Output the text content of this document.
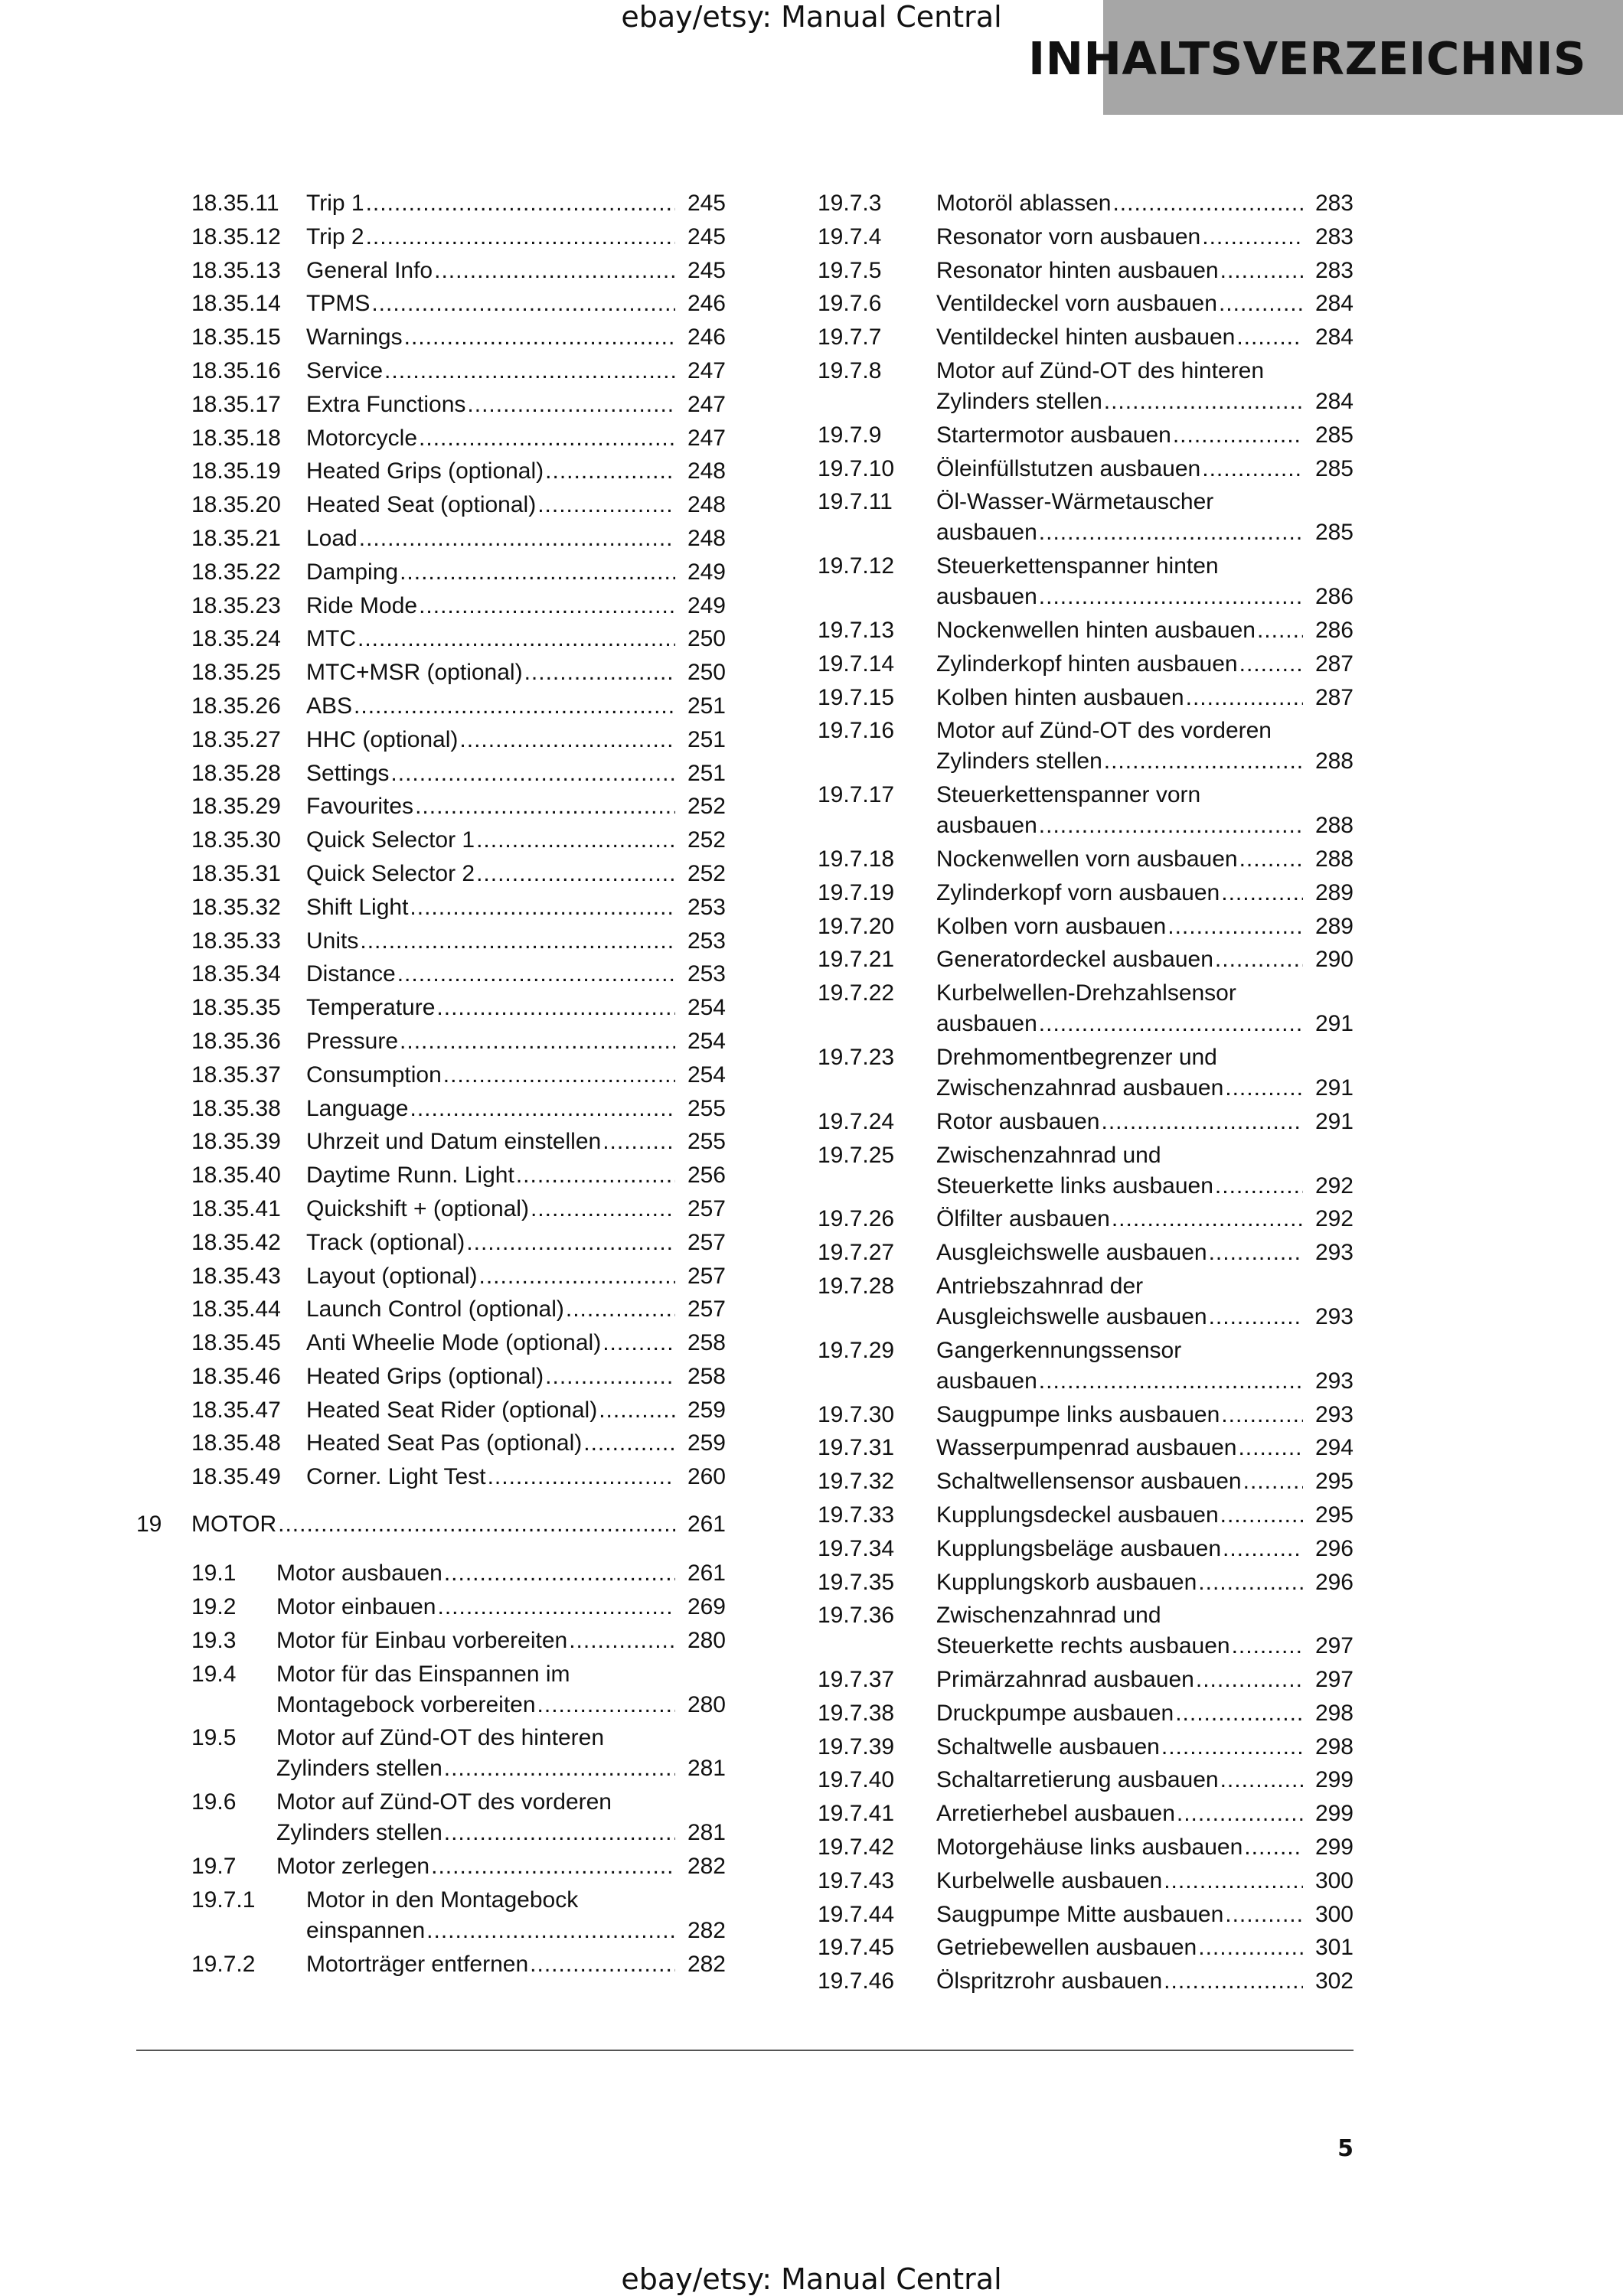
ebay/etsy: Manual Central
INHALTSVERZEICHNIS
18.35.11 Trip 1 .....	245
18.35.12 Trip 2 .....	245
18.35.13 General Info .....	245
18.35.14 TPMS .....	246
18.35.15 Warnings .....	246
18.35.16 Service .....	247
18.35.17 Extra Functions .....	247
18.35.18 Motorcycle .....	247
18.35.19 Heated Grips (optional) .....	248
18.35.20 Heated Seat (optional) .....	248
18.35.21 Load .....	248
18.35.22 Damping .....	249
18.35.23 Ride Mode .....	249
18.35.24 MTC .....	250
18.35.25 MTC+MSR (optional) .....	250
18.35.26 ABS .....	251
18.35.27 HHC (optional) .....	251
18.35.28 Settings .....	251
18.35.29 Favourites .....	252
18.35.30 Quick Selector 1 .....	252
18.35.31 Quick Selector 2 .....	252
18.35.32 Shift Light .....	253
18.35.33 Units .....	253
18.35.34 Distance .....	253
18.35.35 Temperature .....	254
18.35.36 Pressure .....	254
18.35.37 Consumption .....	254
18.35.38 Language .....	255
18.35.39 Uhrzeit und Datum einstellen .....	255
18.35.40 Daytime Runn. Light .....	256
18.35.41 Quickshift + (optional) .....	257
18.35.42 Track (optional) .....	257
18.35.43 Layout (optional) .....	257
18.35.44 Launch Control (optional) .....	257
18.35.45 Anti Wheelie Mode (optional) .....	258
18.35.46 Heated Grips (optional) .....	258
18.35.47 Heated Seat Rider (optional) .....	259
18.35.48 Heated Seat Pas (optional) .....	259
18.35.49 Corner. Light Test .....	260
19 MOTOR .....	261
19.1 Motor ausbauen .....	261
19.2 Motor einbauen .....	269
19.3 Motor für Einbau vorbereiten .....	280
19.4 Motor für das Einspannen im
Montagebock vorbereiten .....	280
19.5 Motor auf Zünd-OT des hinteren
Zylinders stellen .....	281
19.6 Motor auf Zünd-OT des vorderen
Zylinders stellen .....	281
19.7 Motor zerlegen .....	282
19.7.1 Motor in den Montagebock
einspannen .....	282
19.7.2 Motorträger entfernen .....	282
19.7.3 Motoröl ablassen .....	283
19.7.4 Resonator vorn ausbauen .....	283
19.7.5 Resonator hinten ausbauen .....	283
19.7.6 Ventildeckel vorn ausbauen .....	284
19.7.7 Ventildeckel hinten ausbauen .....	284
19.7.8 Motor auf Zünd-OT des hinteren
Zylinders stellen .....	284
19.7.9 Startermotor ausbauen .....	285
19.7.10 Öleinfüllstutzen ausbauen .....	285
19.7.11 Öl-Wasser-Wärmetauscher
ausbauen .....	285
19.7.12 Steuerkettenspanner hinten
ausbauen .....	286
19.7.13 Nockenwellen hinten ausbauen .....	286
19.7.14 Zylinderkopf hinten ausbauen .....	287
19.7.15 Kolben hinten ausbauen .....	287
19.7.16 Motor auf Zünd-OT des vorderen
Zylinders stellen .....	288
19.7.17 Steuerkettenspanner vorn
ausbauen .....	288
19.7.18 Nockenwellen vorn ausbauen .....	288
19.7.19 Zylinderkopf vorn ausbauen .....	289
19.7.20 Kolben vorn ausbauen .....	289
19.7.21 Generatordeckel ausbauen .....	290
19.7.22 Kurbelwellen-Drehzahlsensor
ausbauen .....	291
19.7.23 Drehmomentbegrenzer und
Zwischenzahnrad ausbauen .....	291
19.7.24 Rotor ausbauen .....	291
19.7.25 Zwischenzahnrad und
Steuerkette links ausbauen .....	292
19.7.26 Ölfilter ausbauen .....	292
19.7.27 Ausgleichswelle ausbauen .....	293
19.7.28 Antriebszahnrad der
Ausgleichswelle ausbauen .....	293
19.7.29 Gangerkennungssensor
ausbauen .....	293
19.7.30 Saugpumpe links ausbauen .....	293
19.7.31 Wasserpumpenrad ausbauen .....	294
19.7.32 Schaltwellensensor ausbauen .....	295
19.7.33 Kupplungsdeckel ausbauen .....	295
19.7.34 Kupplungsbeläge ausbauen .....	296
19.7.35 Kupplungskorb ausbauen .....	296
19.7.36 Zwischenzahnrad und
Steuerkette rechts ausbauen .....	297
19.7.37 Primärzahnrad ausbauen .....	297
19.7.38 Druckpumpe ausbauen .....	298
19.7.39 Schaltwelle ausbauen .....	298
19.7.40 Schaltarretierung ausbauen .....	299
19.7.41 Arretierhebel ausbauen .....	299
19.7.42 Motorgehäuse links ausbauen .....	299
19.7.43 Kurbelwelle ausbauen .....	300
19.7.44 Saugpumpe Mitte ausbauen .....	300
19.7.45 Getriebewellen ausbauen .....	301
19.7.46 Ölspritzrohr ausbauen .....	302
5
ebay/etsy: Manual Central
